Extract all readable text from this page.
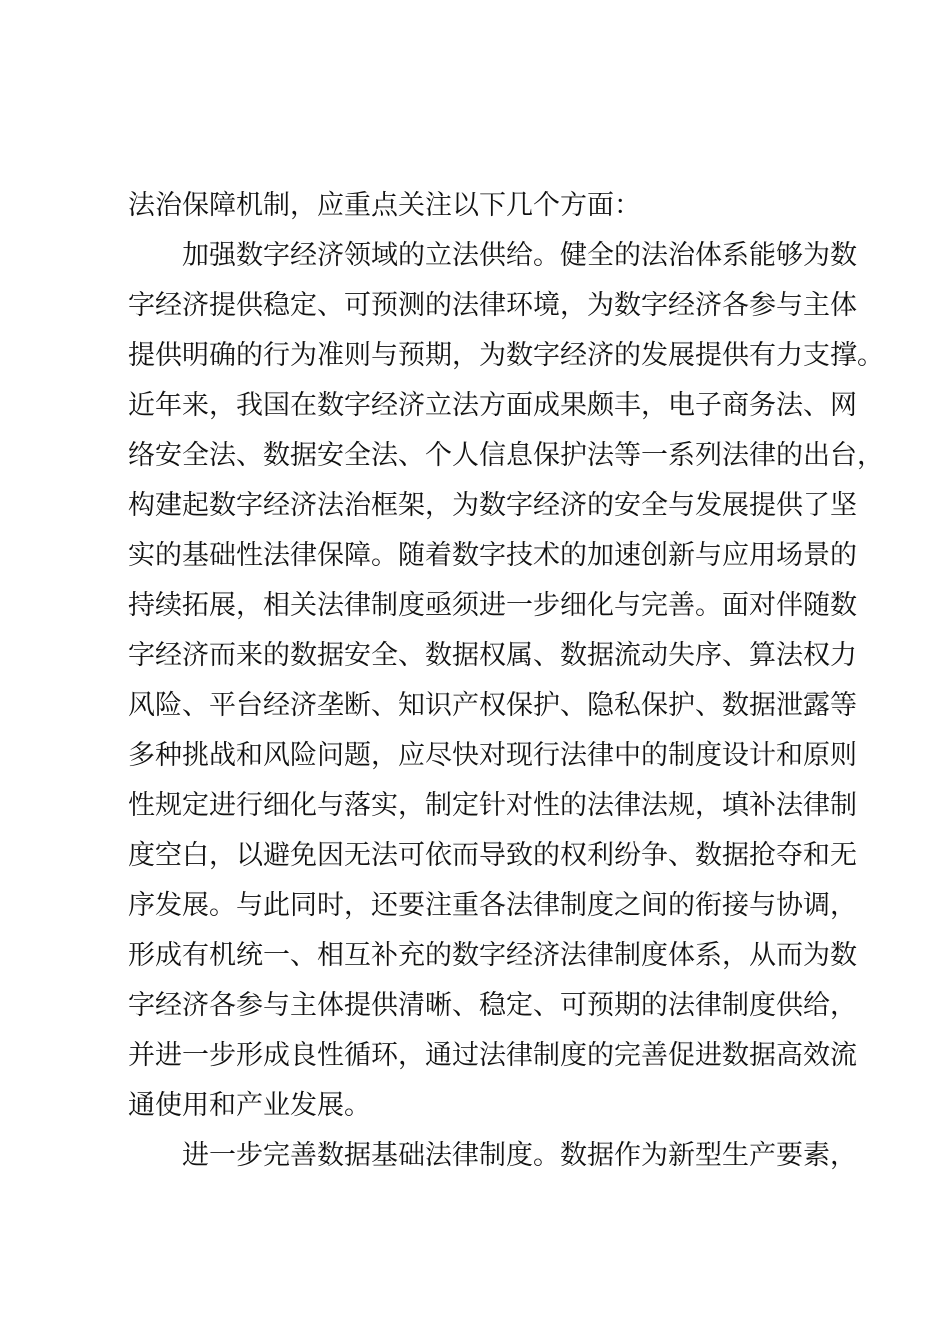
法治保障机制，应重点关注以下几个方面：
加强数字经济领域的立法供给。健全的法治体系能够为数
字经济提供稳定、可预测的法律环境，为数字经济各参与主体
提供明确的行为准则与预期，为数字经济的发展提供有力支撑。
近年来，我国在数字经济立法方面成果颇丰，电子商务法、网
络安全法、数据安全法、个人信息保护法等一系列法律的出台，
构建起数字经济法治框架，为数字经济的安全与发展提供了坚
实的基础性法律保障。随着数字技术的加速创新与应用场景的
持续拓展，相关法律制度亟须进一步细化与完善。面对伴随数
字经济而来的数据安全、数据权属、数据流动失序、算法权力
风险、平台经济垄断、知识产权保护、隐私保护、数据泄露等
多种挑战和风险问题，应尽快对现行法律中的制度设计和原则
性规定进行细化与落实，制定针对性的法律法规，填补法律制
度空白，以避免因无法可依而导致的权利纷争、数据抢夺和无
序发展。与此同时，还要注重各法律制度之间的衔接与协调，
形成有机统一、相互补充的数字经济法律制度体系，从而为数
字经济各参与主体提供清晰、稳定、可预期的法律制度供给，
并进一步形成良性循环，通过法律制度的完善促进数据高效流
通使用和产业发展。
进一步完善数据基础法律制度。数据作为新型生产要素，
